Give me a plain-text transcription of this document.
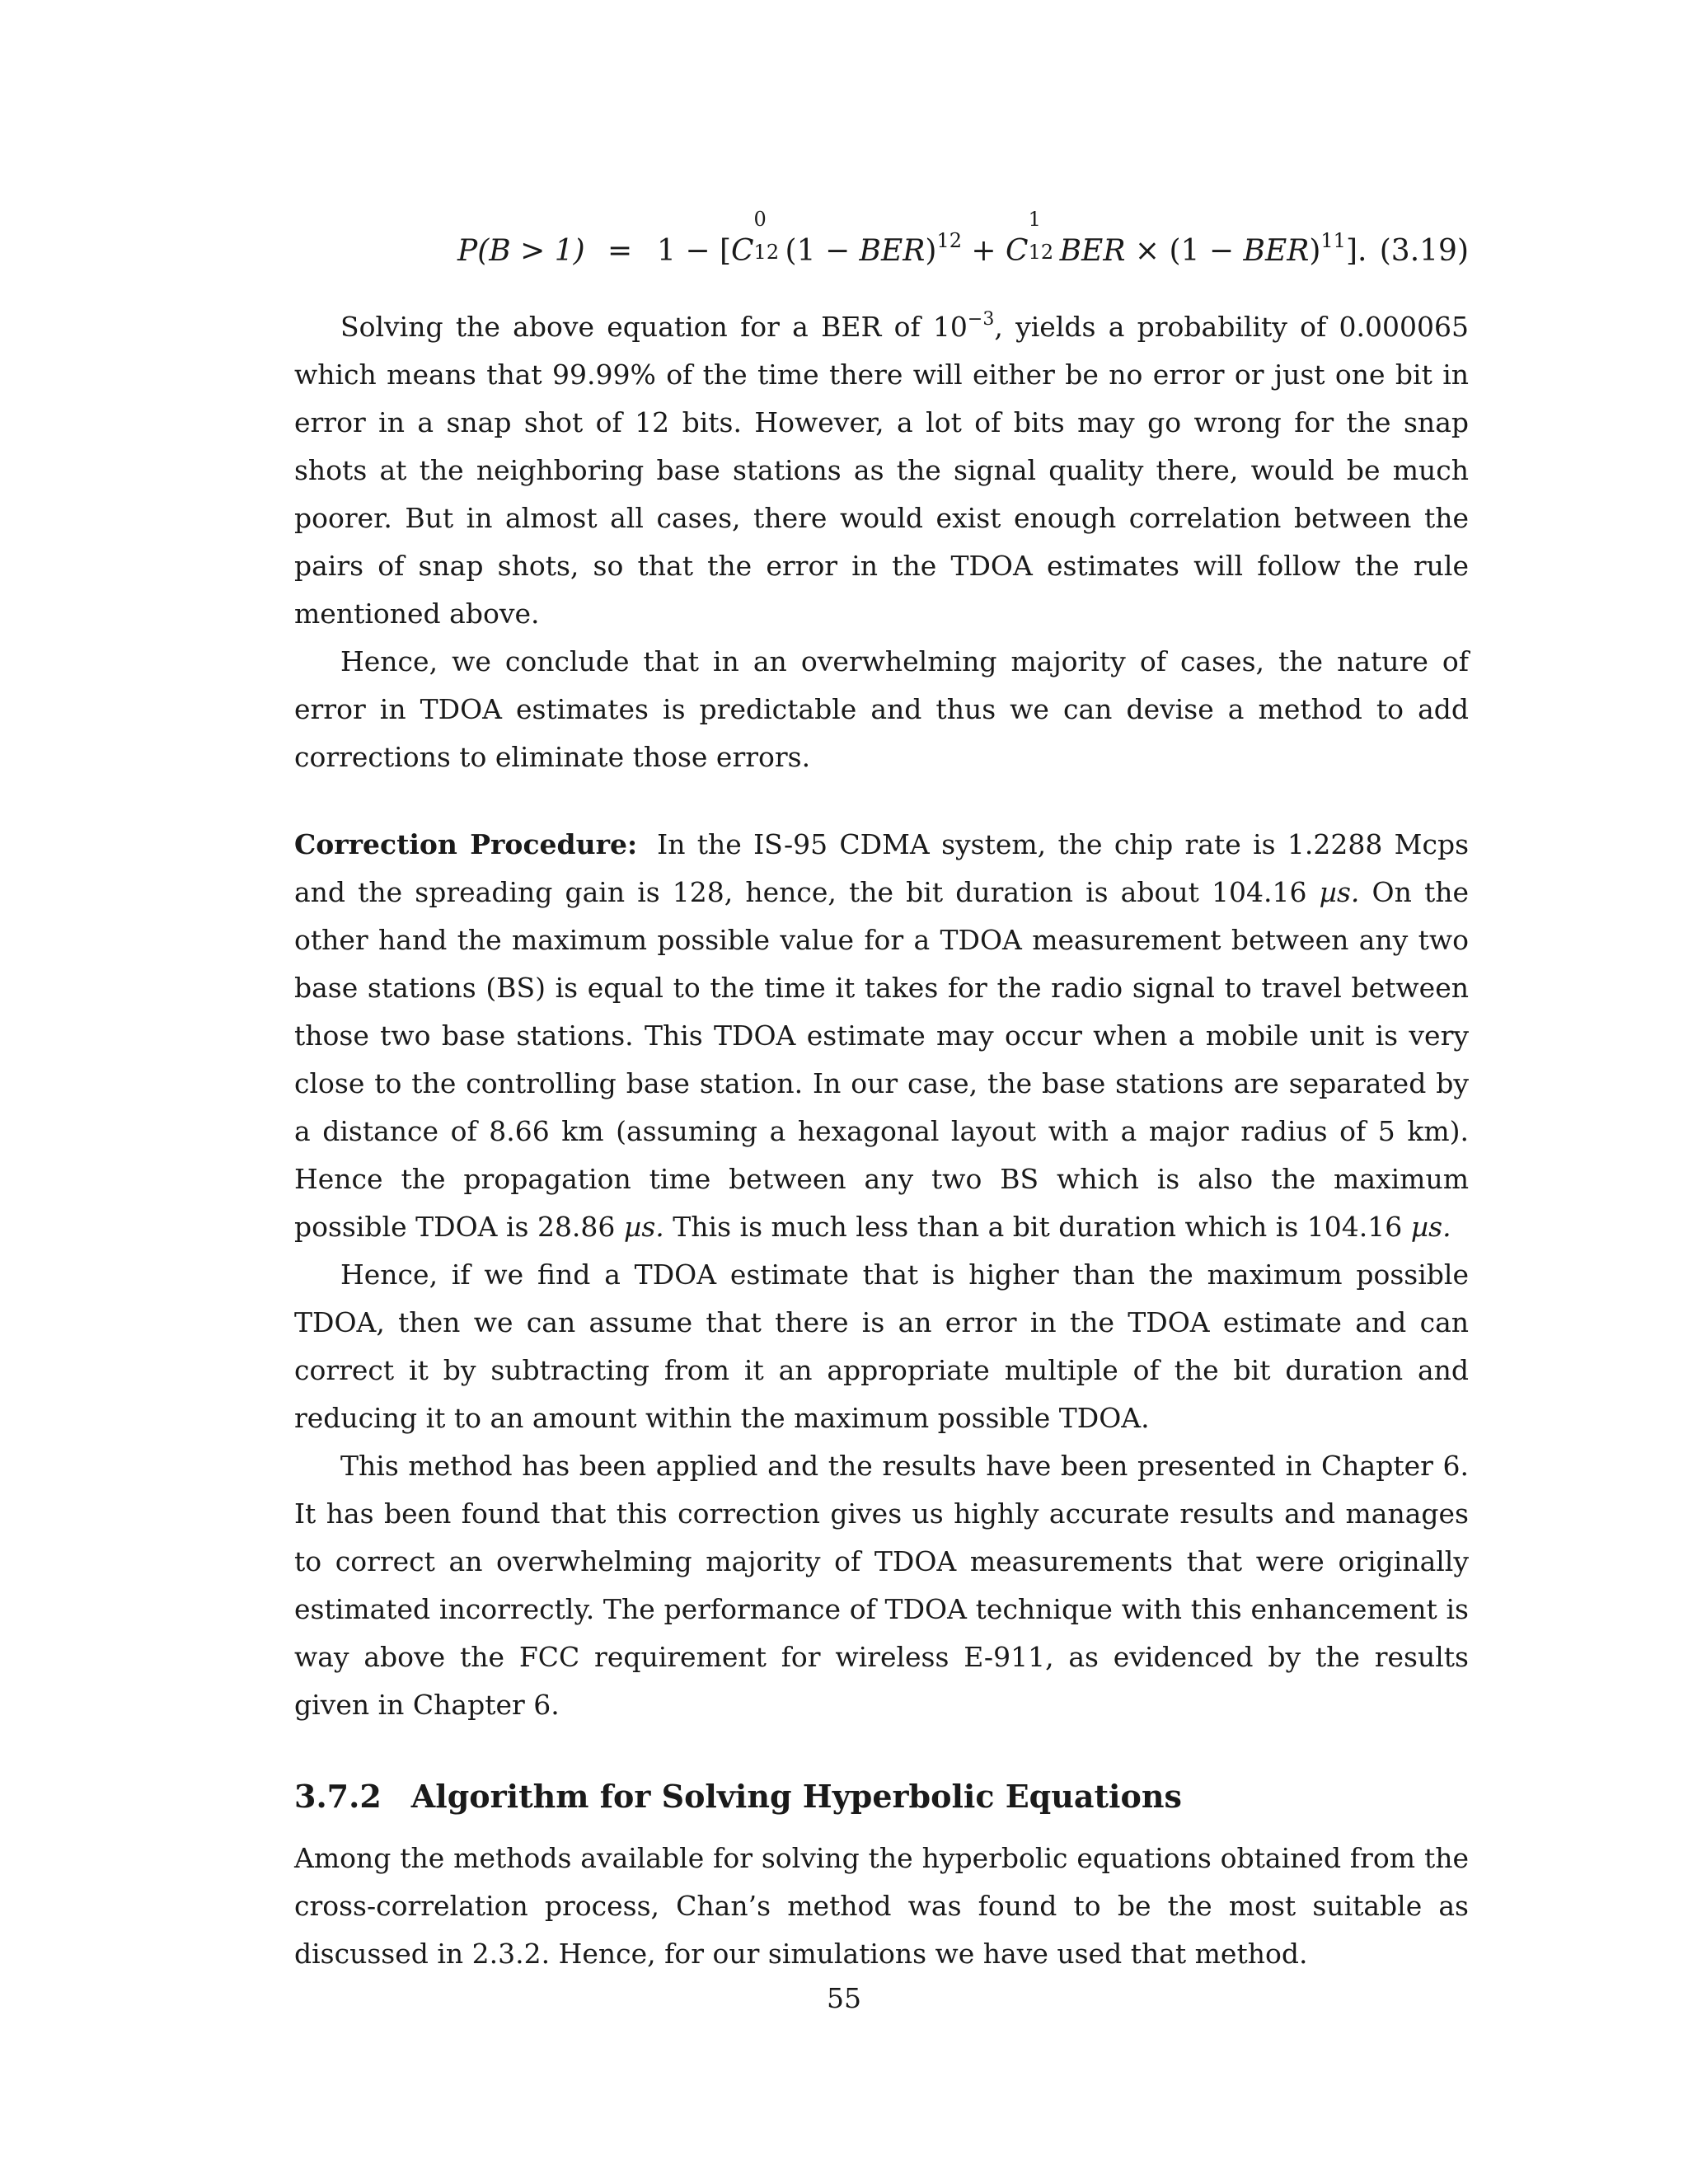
P(B > 1) = 1 − [C
0
12 (1 − BER)$^{12}$ + C
1
12 BER × (1 − BER)$^{11}$]. (3.19)

Solving the above equation for a BER of $10^{-3}$, yields a probability of 0.000065 which means that 99.99% of the time there will either be no error or just one bit in error in a snap shot of 12 bits. However, a lot of bits may go wrong for the snap shots at the neighboring base stations as the signal quality there, would be much poorer. But in almost all cases, there would exist enough correlation between the pairs of snap shots, so that the error in the TDOA estimates will follow the rule mentioned above.

Hence, we conclude that in an overwhelming majority of cases, the nature of error in TDOA estimates is predictable and thus we can devise a method to add corrections to eliminate those errors.

Correction Procedure: In the IS-95 CDMA system, the chip rate is 1.2288 Mcps and the spreading gain is 128, hence, the bit duration is about 104.16 µs. On the other hand the maximum possible value for a TDOA measurement between any two base stations (BS) is equal to the time it takes for the radio signal to travel between those two base stations. This TDOA estimate may occur when a mobile unit is very close to the controlling base station. In our case, the base stations are separated by a distance of 8.66 km (assuming a hexagonal layout with a major radius of 5 km). Hence the propagation time between any two BS which is also the maximum possible TDOA is 28.86 µs. This is much less than a bit duration which is 104.16 µs.

Hence, if we find a TDOA estimate that is higher than the maximum possible TDOA, then we can assume that there is an error in the TDOA estimate and can correct it by subtracting from it an appropriate multiple of the bit duration and reducing it to an amount within the maximum possible TDOA.

This method has been applied and the results have been presented in Chapter 6. It has been found that this correction gives us highly accurate results and manages to correct an overwhelming majority of TDOA measurements that were originally estimated incorrectly. The performance of TDOA technique with this enhancement is way above the FCC requirement for wireless E-911, as evidenced by the results given in Chapter 6.

3.7.2 Algorithm for Solving Hyperbolic Equations

Among the methods available for solving the hyperbolic equations obtained from the cross-correlation process, Chan’s method was found to be the most suitable as discussed in 2.3.2. Hence, for our simulations we have used that method.

55
